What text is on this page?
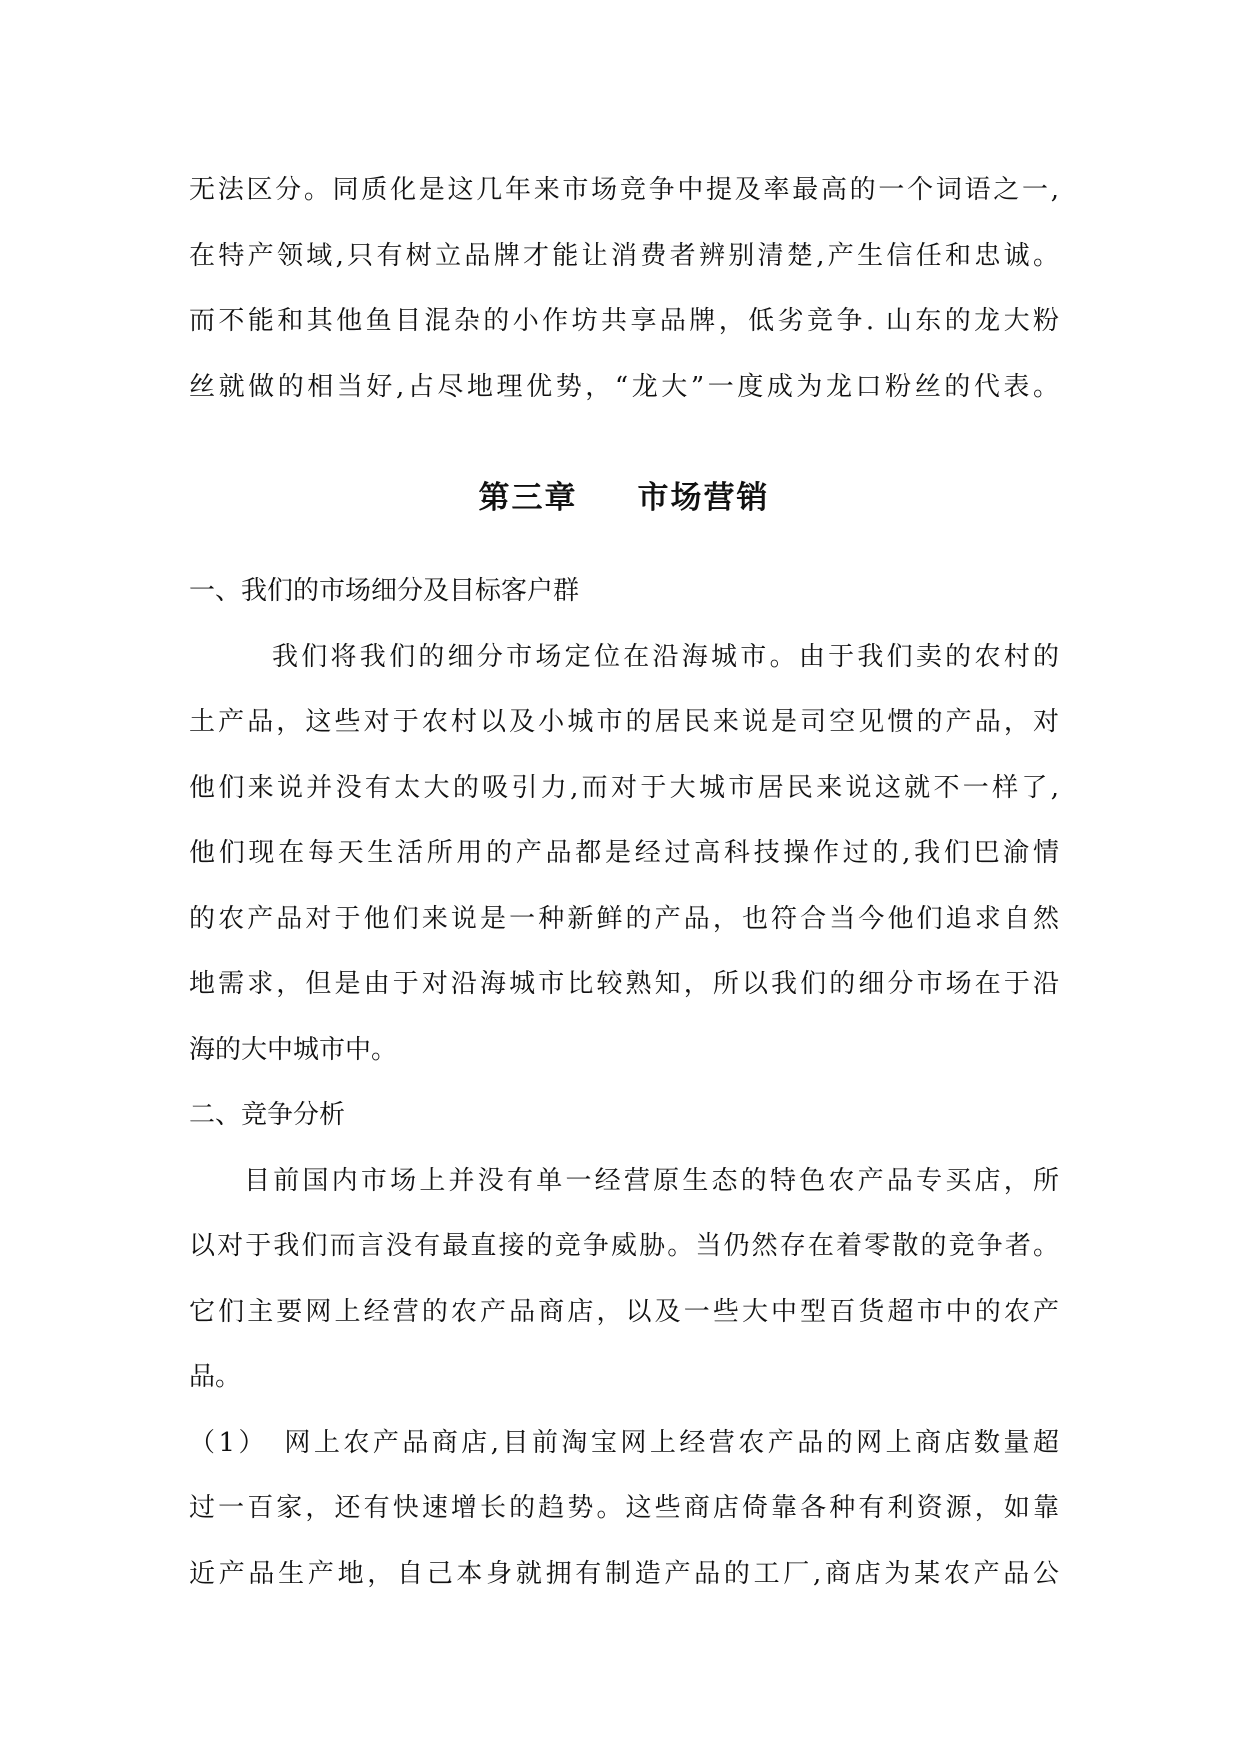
无法区分。同质化是这几年来市场竞争中提及率最高的一个词语之一,

在特产领域,只有树立品牌才能让消费者辨别清楚,产生信任和忠诚。

而不能和其他鱼目混杂的小作坊共享品牌，低劣竞争. 山东的龙大粉

丝就做的相当好,占尽地理优势，“龙大”一度成为龙口粉丝的代表。

第三章 市场营销

一、我们的市场细分及目标客户群

我们将我们的细分市场定位在沿海城市。由于我们卖的农村的

土产品，这些对于农村以及小城市的居民来说是司空见惯的产品，对

他们来说并没有太大的吸引力,而对于大城市居民来说这就不一样了,

他们现在每天生活所用的产品都是经过高科技操作过的,我们巴渝情

的农产品对于他们来说是一种新鲜的产品，也符合当今他们追求自然

地需求，但是由于对沿海城市比较熟知，所以我们的细分市场在于沿

海的大中城市中。

二、竞争分析

目前国内市场上并没有单一经营原生态的特色农产品专买店，所

以对于我们而言没有最直接的竞争威胁。当仍然存在着零散的竞争者。

它们主要网上经营的农产品商店，以及一些大中型百货超市中的农产

品。

（1）　网上农产品商店,目前淘宝网上经营农产品的网上商店数量超

过一百家，还有快速增长的趋势。这些商店倚靠各种有利资源，如靠

近产品生产地，自己本身就拥有制造产品的工厂,商店为某农产品公
